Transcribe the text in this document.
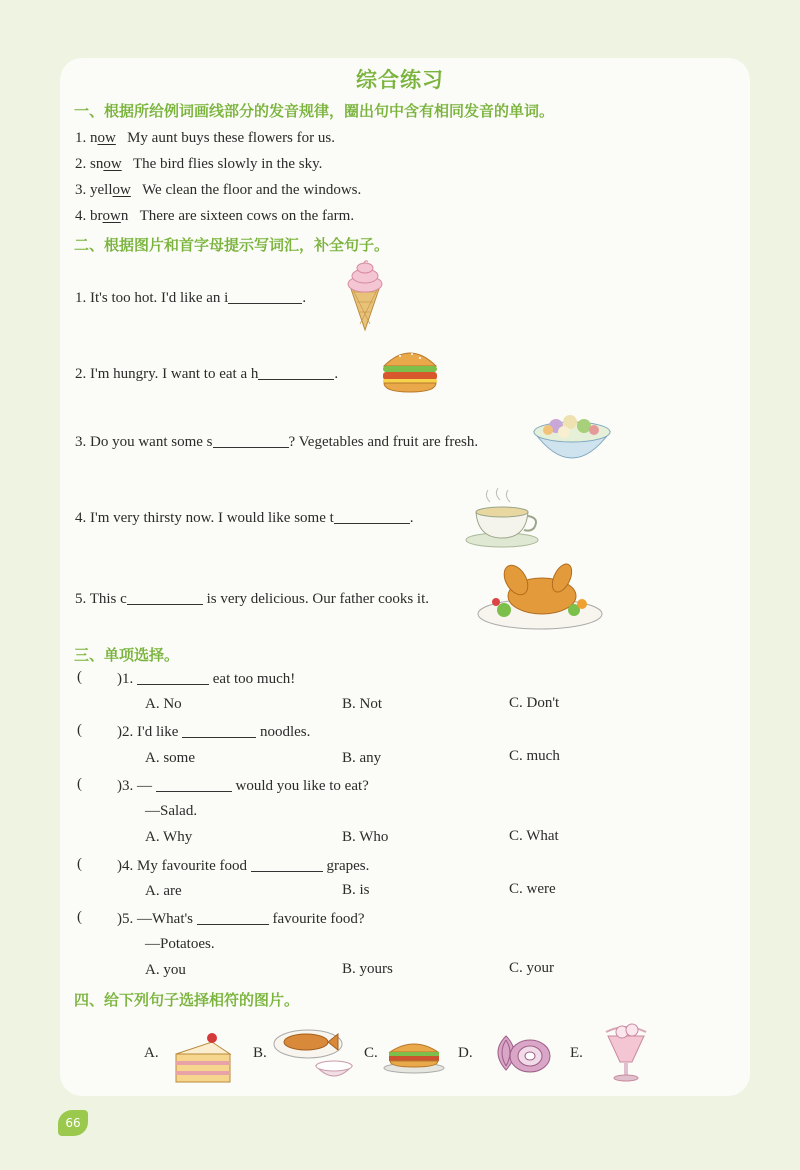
综合练习
一、根据所给例词画线部分的发音规律，圈出句中含有相同发音的单词。
1. now My aunt buys these flowers for us.
2. snow The bird flies slowly in the sky.
3. yellow We clean the floor and the windows.
4. brown There are sixteen cows on the farm.
二、根据图片和首字母提示写词汇，补全句子。
1. It's too hot. I'd like an i	.
2. I'm hungry. I want to eat a h	.
3. Do you want some s	? Vegetables and fruit are fresh.
4. I'm very thirsty now. I would like some t	.
5. This c	is very delicious. Our father cooks it.
三、单项选择。
( )1.	eat too much!
A. No	B. Not	C. Don't
( )2. I'd like	noodles.
A. some	B. any	C. much
( )3. —	would you like to eat?
—Salad.
A. Why	B. Who	C. What
( )4. My favourite food	grapes.
A. are	B. is	C. were
( )5. —What's	favourite food?
—Potatoes.
A. you	B. yours	C. your
四、给下列句子选择相符的图片。
A.	B.	C.	D.	E.
66
